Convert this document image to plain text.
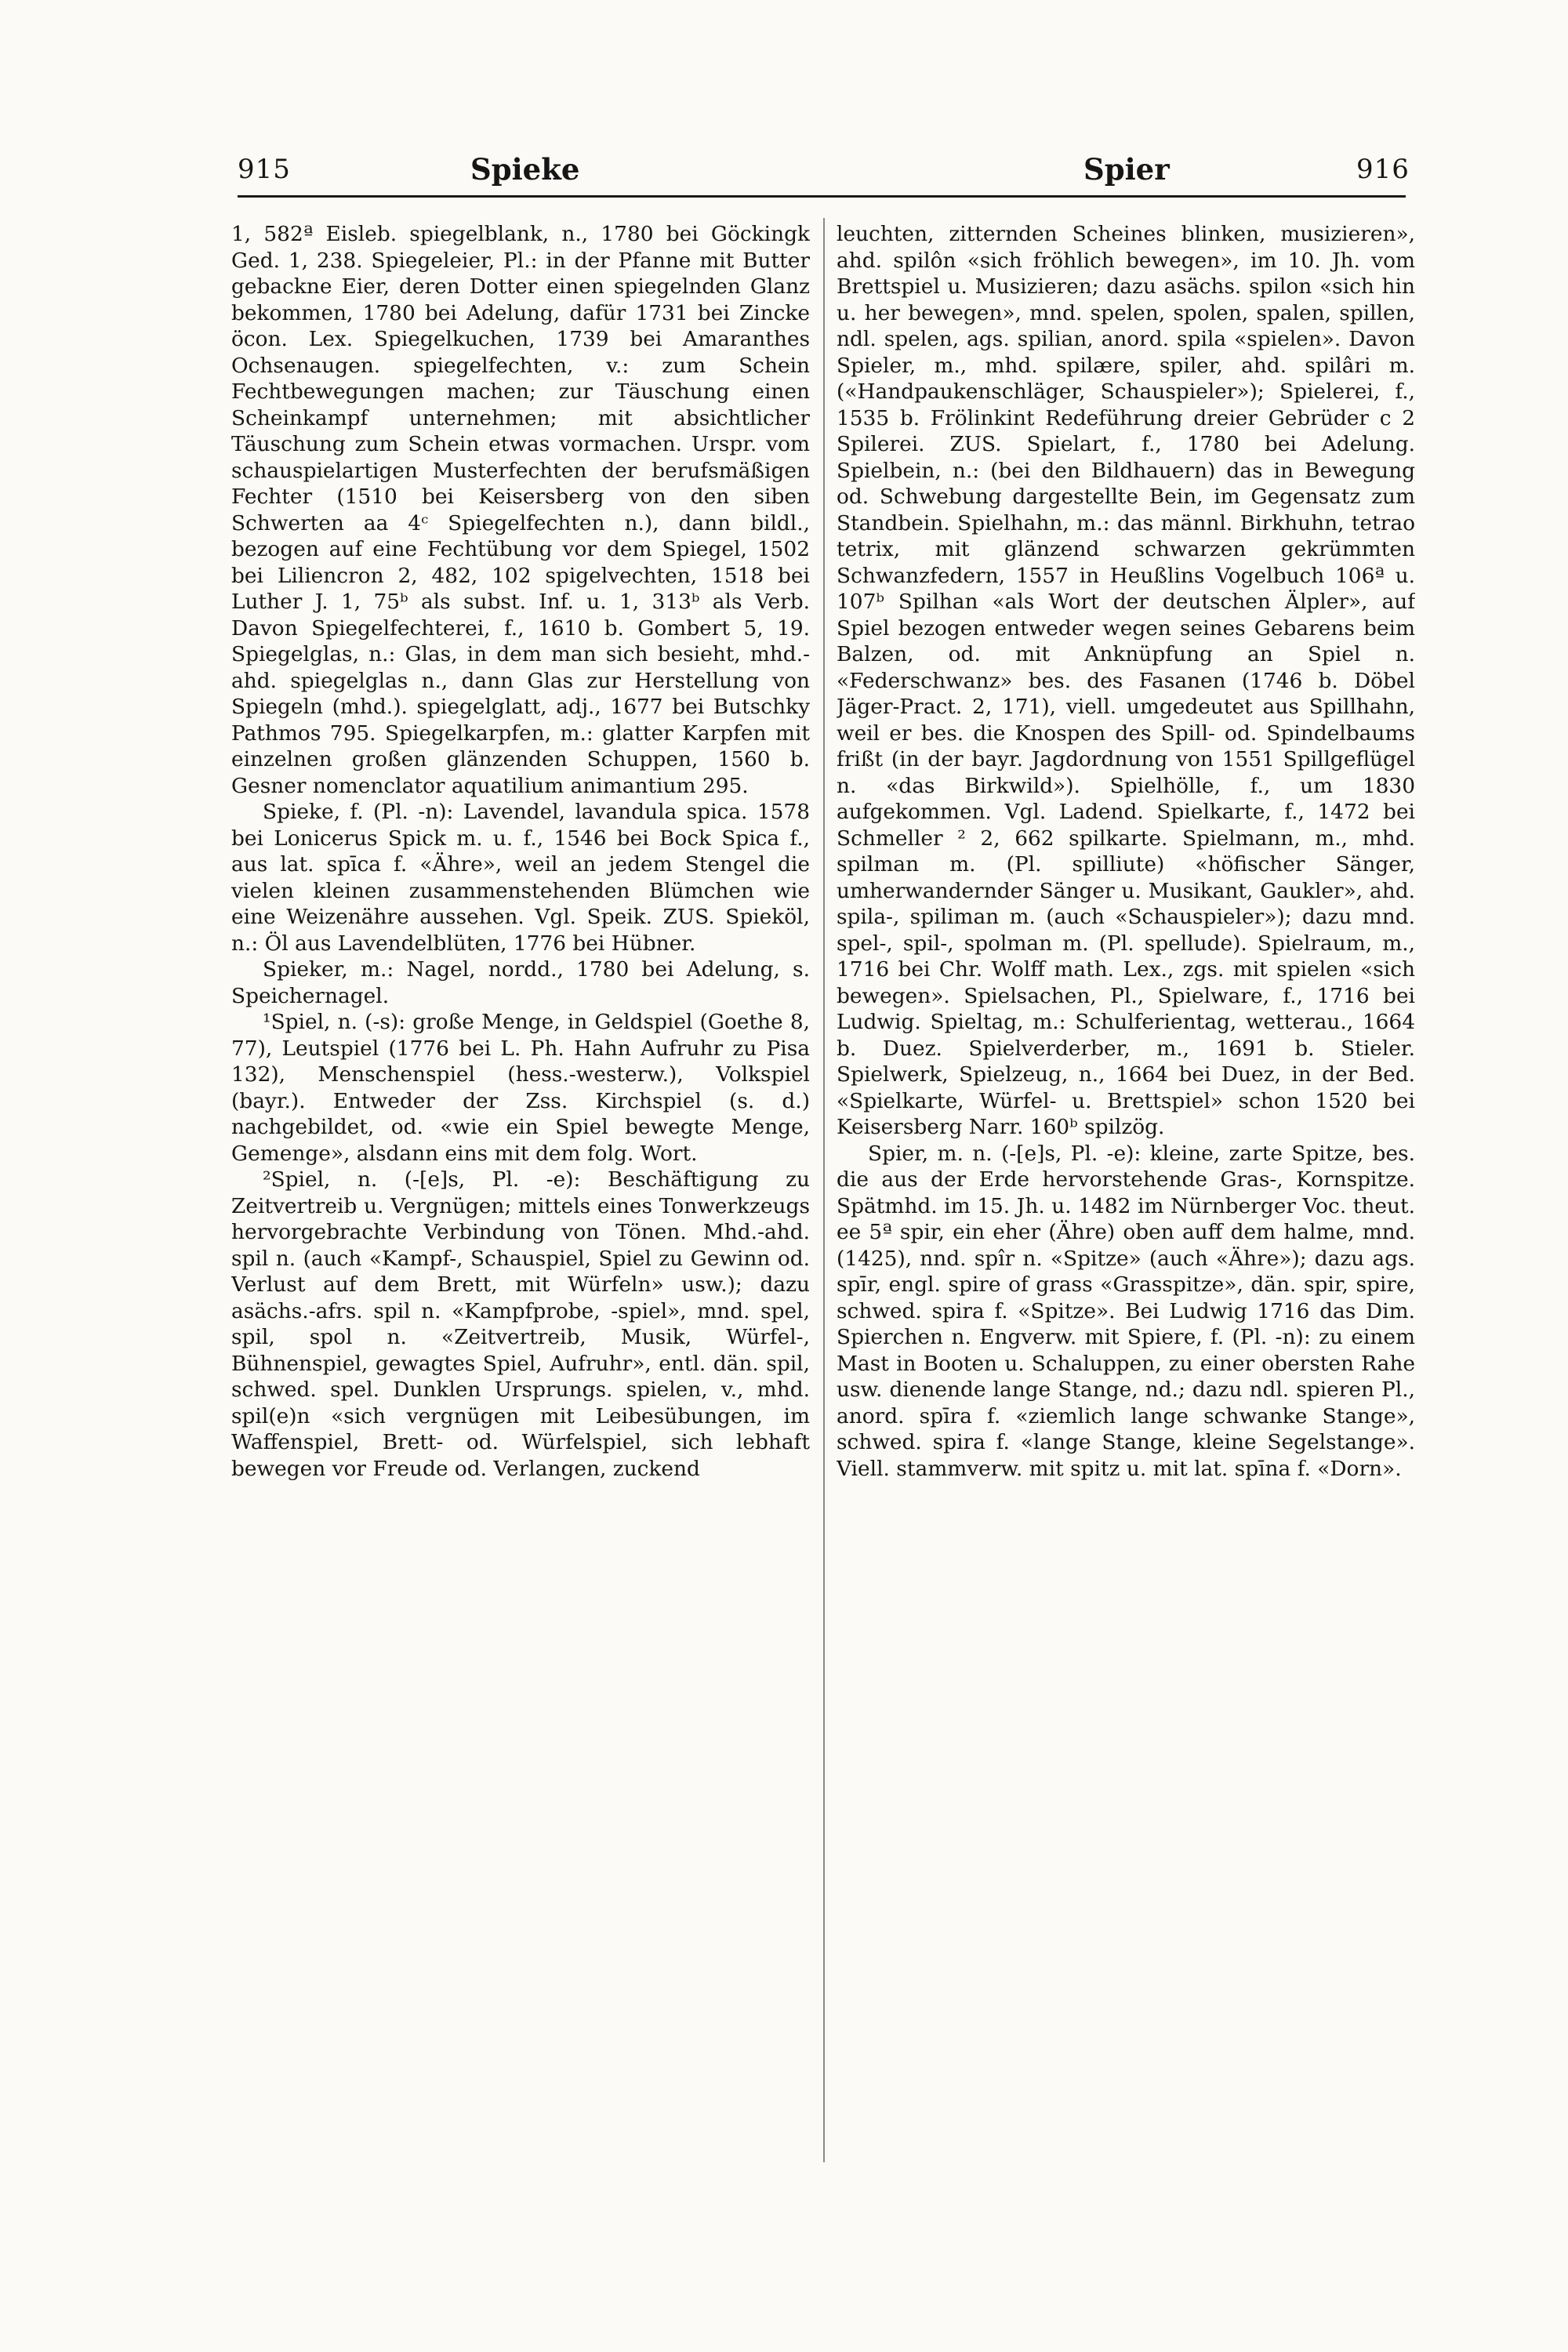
915	Spieke	Spier	916

1, 582ª Eisleb. spiegelblank, n., 1780 bei Göckingk Ged. 1, 238. Spiegeleier, Pl.: in der Pfanne mit Butter gebackne Eier, deren Dotter einen spiegelnden Glanz bekommen, 1780 bei Adelung, dafür 1731 bei Zincke öcon. Lex. Spiegelkuchen, 1739 bei Amaranthes Ochsenaugen. spiegelfechten, v.: zum Schein Fechtbewegungen machen; zur Täuschung einen Scheinkampf unternehmen; mit absichtlicher Täuschung zum Schein etwas vormachen. Urspr. vom schauspielartigen Musterfechten der berufsmäßigen Fechter (1510 bei Keisersberg von den siben Schwerten aa 4ᶜ Spiegelfechten n.), dann bildl., bezogen auf eine Fechtübung vor dem Spiegel, 1502 bei Liliencron 2, 482, 102 spigelvechten, 1518 bei Luther J. 1, 75ᵇ als subst. Inf. u. 1, 313ᵇ als Verb. Davon Spiegelfechterei, f., 1610 b. Gombert 5, 19. Spiegelglas, n.: Glas, in dem man sich besieht, mhd.-ahd. spiegelglas n., dann Glas zur Herstellung von Spiegeln (mhd.). spiegelglatt, adj., 1677 bei Butschky Pathmos 795. Spiegelkarpfen, m.: glatter Karpfen mit einzelnen großen glänzenden Schuppen, 1560 b. Gesner nomenclator aquatilium animantium 295.

Spieke, f. (Pl. -n): Lavendel, lavandula spica. 1578 bei Lonicerus Spick m. u. f., 1546 bei Bock Spica f., aus lat. spīca f. «Ähre», weil an jedem Stengel die vielen kleinen zusammenstehenden Blümchen wie eine Weizenähre aussehen. Vgl. Speik. ZUS. Spieköl, n.: Öl aus Lavendelblüten, 1776 bei Hübner.

Spieker, m.: Nagel, nordd., 1780 bei Adelung, s. Speichernagel.

¹Spiel, n. (-s): große Menge, in Geldspiel (Goethe 8, 77), Leutspiel (1776 bei L. Ph. Hahn Aufruhr zu Pisa 132), Menschenspiel (hess.-westerw.), Volkspiel (bayr.). Entweder der Zss. Kirchspiel (s. d.) nachgebildet, od. «wie ein Spiel bewegte Menge, Gemenge», alsdann eins mit dem folg. Wort.

²Spiel, n. (-[e]s, Pl. -e): Beschäftigung zu Zeitvertreib u. Vergnügen; mittels eines Tonwerkzeugs hervorgebrachte Verbindung von Tönen. Mhd.-ahd. spil n. (auch «Kampf-, Schauspiel, Spiel zu Gewinn od. Verlust auf dem Brett, mit Würfeln» usw.); dazu asächs.-afrs. spil n. «Kampfprobe, -spiel», mnd. spel, spil, spol n. «Zeitvertreib, Musik, Würfel-, Bühnenspiel, gewagtes Spiel, Aufruhr», entl. dän. spil, schwed. spel. Dunklen Ursprungs. spielen, v., mhd. spil(e)n «sich vergnügen mit Leibesübungen, im Waffenspiel, Brett- od. Würfelspiel, sich lebhaft bewegen vor Freude od. Verlangen, zuckend

leuchten, zitternden Scheines blinken, musizieren», ahd. spilôn «sich fröhlich bewegen», im 10. Jh. vom Brettspiel u. Musizieren; dazu asächs. spilon «sich hin u. her bewegen», mnd. spelen, spolen, spalen, spillen, ndl. spelen, ags. spilian, anord. spila «spielen». Davon Spieler, m., mhd. spilære, spiler, ahd. spilâri m. («Handpaukenschläger, Schauspieler»); Spielerei, f., 1535 b. Frölinkint Redeführung dreier Gebrüder c 2 Spilerei. ZUS. Spielart, f., 1780 bei Adelung. Spielbein, n.: (bei den Bildhauern) das in Bewegung od. Schwebung dargestellte Bein, im Gegensatz zum Standbein. Spielhahn, m.: das männl. Birkhuhn, tetrao tetrix, mit glänzend schwarzen gekrümmten Schwanzfedern, 1557 in Heußlins Vogelbuch 106ª u. 107ᵇ Spilhan «als Wort der deutschen Älpler», auf Spiel bezogen entweder wegen seines Gebarens beim Balzen, od. mit Anknüpfung an Spiel n. «Federschwanz» bes. des Fasanen (1746 b. Döbel Jäger-Pract. 2, 171), viell. umgedeutet aus Spillhahn, weil er bes. die Knospen des Spill- od. Spindelbaums frißt (in der bayr. Jagdordnung von 1551 Spillgeflügel n. «das Birkwild»). Spielhölle, f., um 1830 aufgekommen. Vgl. Ladend. Spielkarte, f., 1472 bei Schmeller ² 2, 662 spilkarte. Spielmann, m., mhd. spilman m. (Pl. spilliute) «höfischer Sänger, umherwandernder Sänger u. Musikant, Gaukler», ahd. spila-, spiliman m. (auch «Schauspieler»); dazu mnd. spel-, spil-, spolman m. (Pl. spellude). Spielraum, m., 1716 bei Chr. Wolff math. Lex., zgs. mit spielen «sich bewegen». Spielsachen, Pl., Spielware, f., 1716 bei Ludwig. Spieltag, m.: Schulferientag, wetterau., 1664 b. Duez. Spielverderber, m., 1691 b. Stieler. Spielwerk, Spielzeug, n., 1664 bei Duez, in der Bed. «Spielkarte, Würfel- u. Brettspiel» schon 1520 bei Keisersberg Narr. 160ᵇ spilzög.

Spier, m. n. (-[e]s, Pl. -e): kleine, zarte Spitze, bes. die aus der Erde hervorstehende Gras-, Kornspitze. Spätmhd. im 15. Jh. u. 1482 im Nürnberger Voc. theut. ee 5ª spir, ein eher (Ähre) oben auff dem halme, mnd. (1425), nnd. spîr n. «Spitze» (auch «Ähre»); dazu ags. spīr, engl. spire of grass «Grasspitze», dän. spir, spire, schwed. spira f. «Spitze». Bei Ludwig 1716 das Dim. Spierchen n. Engverw. mit Spiere, f. (Pl. -n): zu einem Mast in Booten u. Schaluppen, zu einer obersten Rahe usw. dienende lange Stange, nd.; dazu ndl. spieren Pl., anord. spīra f. «ziemlich lange schwanke Stange», schwed. spira f. «lange Stange, kleine Segelstange». Viell. stammverw. mit spitz u. mit lat. spīna f. «Dorn».
